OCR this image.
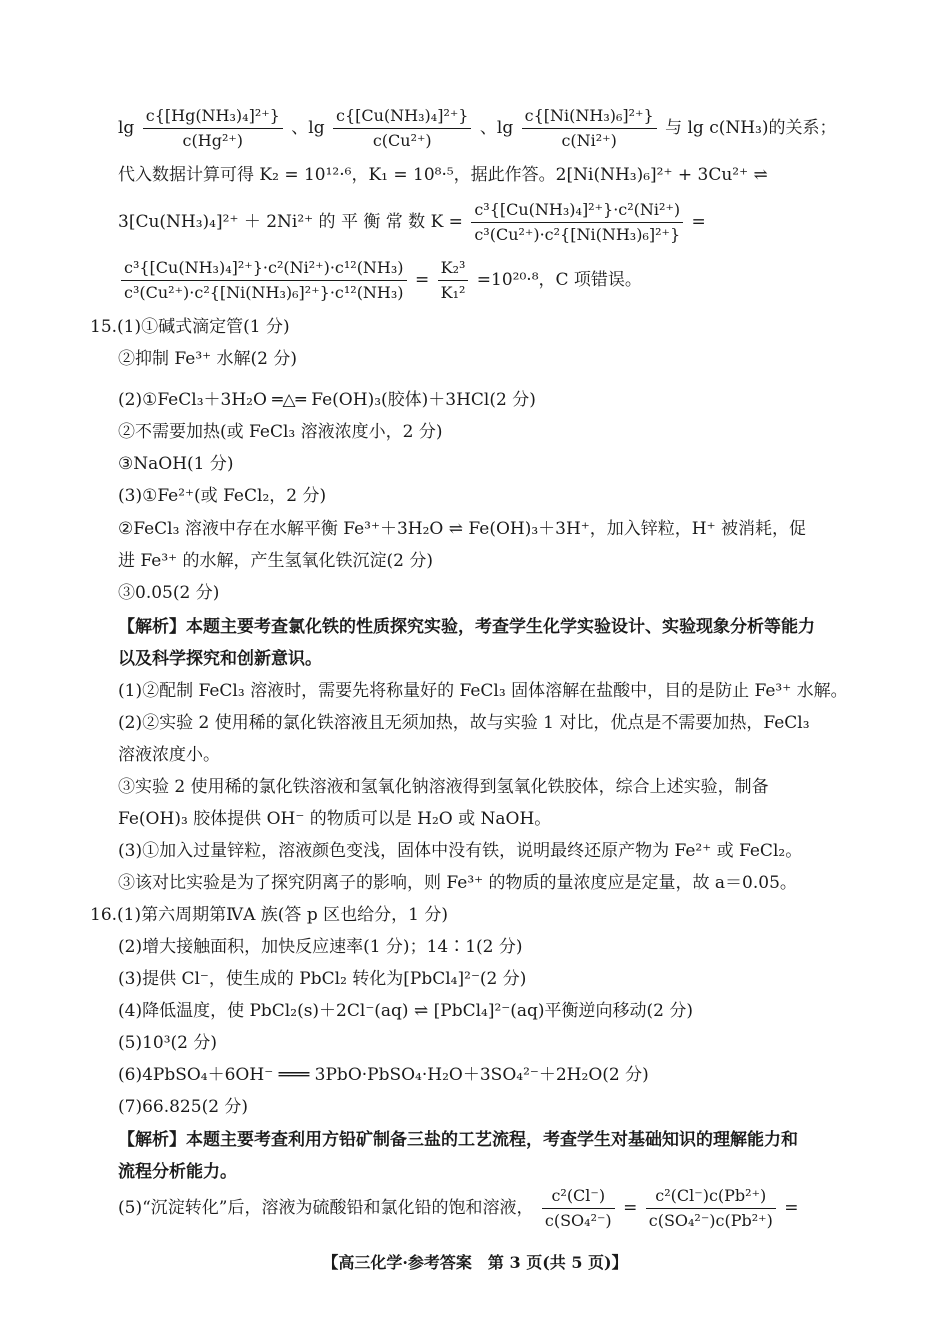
$\lg \frac{\text{c\{[Hg(NH₃)₄]²⁺\}}}{\text{c(Hg²⁺)}}$ 、$\lg \frac{\text{c\{[Cu(NH₃)₄]²⁺\}}}{\text{c(Cu²⁺)}}$ 、$\lg \frac{\text{c\{[Ni(NH₃)₆]²⁺\}}}{\text{c(Ni²⁺)}}$ 与 lg c(NH₃)的关系；
代入数据计算可得 K₂ = 10¹²·⁶，K₁ = 10⁸·⁵，据此作答。2[Ni(NH₃)₆]²⁺ + 3Cu²⁺ ⇌
3[Cu(NH₃)₄]²⁺ ＋ 2Ni²⁺ 的 平 衡 常 数 $K = \frac{\text{c³\{[Cu(NH₃)₄]²⁺\}·c²(Ni²⁺)}}{\text{c³(Cu²⁺)·c²\{[Ni(NH₃)₆]²⁺\}}}$ =
$\frac{\text{c³\{[Cu(NH₃)₄]²⁺\}·c²(Ni²⁺)·c¹²(NH₃)}}{\text{c³(Cu²⁺)·c²\{[Ni(NH₃)₆]²⁺\}·c¹²(NH₃)}} = \frac{\text{K₂³}}{\text{K₁²}} =10^{20}\cdot^8$，C 项错误。
15.(1)①碱式滴定管(1 分)
②抑制 Fe³⁺ 水解(2 分)
(2)①FeCl₃＋3H₂O ═△═ Fe(OH)₃(胶体)＋3HCl(2 分)
②不需要加热(或 FeCl₃ 溶液浓度小，2 分)
③NaOH(1 分)
(3)①Fe²⁺(或 FeCl₂，2 分)
②FeCl₃ 溶液中存在水解平衡 Fe³⁺＋3H₂O ⇌ Fe(OH)₃＋3H⁺，加入锌粒，H⁺ 被消耗，促
进 Fe³⁺ 的水解，产生氢氧化铁沉淀(2 分)
③0.05(2 分)
【解析】本题主要考查氯化铁的性质探究实验，考查学生化学实验设计、实验现象分析等能力
以及科学探究和创新意识。
(1)②配制 FeCl₃ 溶液时，需要先将称量好的 FeCl₃ 固体溶解在盐酸中，目的是防止 Fe³⁺ 水解。
(2)②实验 2 使用稀的氯化铁溶液且无须加热，故与实验 1 对比，优点是不需要加热，FeCl₃
溶液浓度小。
③实验 2 使用稀的氯化铁溶液和氢氧化钠溶液得到氢氧化铁胶体，综合上述实验，制备
Fe(OH)₃ 胶体提供 OH⁻ 的物质可以是 H₂O 或 NaOH。
(3)①加入过量锌粒，溶液颜色变浅，固体中没有铁，说明最终还原产物为 Fe²⁺ 或 FeCl₂。
③该对比实验是为了探究阴离子的影响，则 Fe³⁺ 的物质的量浓度应是定量，故 a＝0.05。
16.(1)第六周期第ⅣA 族(答 p 区也给分，1 分)
(2)增大接触面积，加快反应速率(1 分)；14∶1(2 分)
(3)提供 Cl⁻，使生成的 PbCl₂ 转化为[PbCl₄]²⁻(2 分)
(4)降低温度，使 PbCl₂(s)＋2Cl⁻(aq) ⇌ [PbCl₄]²⁻(aq)平衡逆向移动(2 分)
(5)10³(2 分)
(6)4PbSO₄＋6OH⁻ ═══ 3PbO·PbSO₄·H₂O＋3SO₄²⁻＋2H₂O(2 分)
(7)66.825(2 分)
【解析】本题主要考查利用方铅矿制备三盐的工艺流程，考查学生对基础知识的理解能力和
流程分析能力。
(5)“沉淀转化”后，溶液为硫酸铅和氯化铅的饱和溶液， $\frac{\text{c²(Cl⁻)}}{\text{c(SO₄²⁻)}} = \frac{\text{c²(Cl⁻)c(Pb²⁺)}}{\text{c(SO₄²⁻)c(Pb²⁺)}}$ =
【高三化学·参考答案　第 3 页(共 5 页)】
